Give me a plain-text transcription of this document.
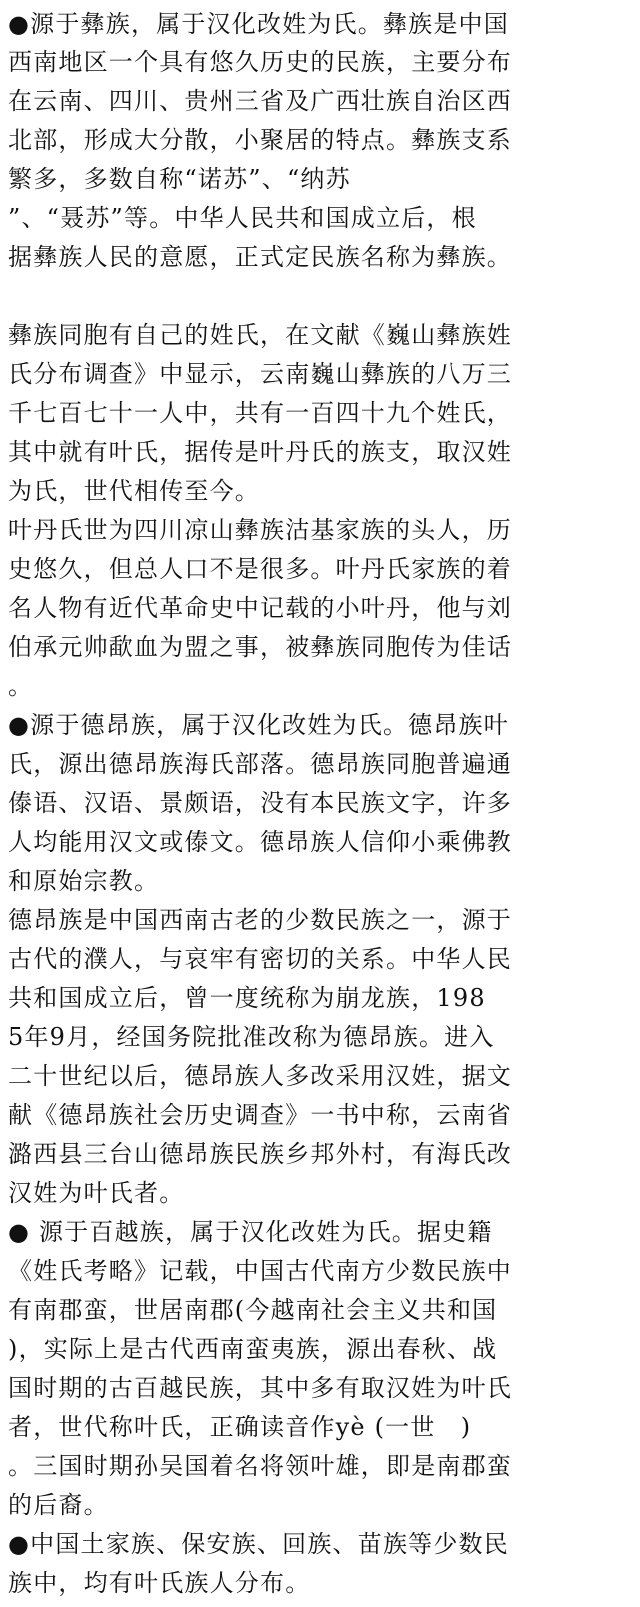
●源于彝族，属于汉化改姓为氏。彝族是中国
西南地区一个具有悠久历史的民族，主要分布
在云南、四川、贵州三省及广西壮族自治区西
北部，形成大分散，小聚居的特点。彝族支系
繁多，多数自称“诺苏”、“纳苏
”、“聂苏”等。中华人民共和国成立后，根
据彝族人民的意愿，正式定民族名称为彝族。
彝族同胞有自己的姓氏，在文献《巍山彝族姓
氏分布调查》中显示，云南巍山彝族的八万三
千七百七十一人中，共有一百四十九个姓氏，
其中就有叶氏，据传是叶丹氏的族支，取汉姓
为氏，世代相传至今。
叶丹氏世为四川凉山彝族沽基家族的头人，历
史悠久，但总人口不是很多。叶丹氏家族的着
名人物有近代革命史中记载的小叶丹，他与刘
伯承元帅歃血为盟之事，被彝族同胞传为佳话
。
●源于德昂族，属于汉化改姓为氏。德昂族叶
氏，源出德昂族海氏部落。德昂族同胞普遍通
傣语、汉语、景颇语，没有本民族文字，许多
人均能用汉文或傣文。德昂族人信仰小乘佛教
和原始宗教。
德昂族是中国西南古老的少数民族之一，源于
古代的濮人，与哀牢有密切的关系。中华人民
共和国成立后，曾一度统称为崩龙族，198
5年9月，经国务院批准改称为德昂族。进入
二十世纪以后，德昂族人多改采用汉姓，据文
献《德昂族社会历史调查》一书中称，云南省
潞西县三台山德昂族民族乡邦外村，有海氏改
汉姓为叶氏者。
● 源于百越族，属于汉化改姓为氏。据史籍
《姓氏考略》记载，中国古代南方少数民族中
有南郡蛮，世居南郡(今越南社会主义共和国
)，实际上是古代西南蛮夷族，源出春秋、战
国时期的古百越民族，其中多有取汉姓为叶氏
者，世代称叶氏，正确读音作yè (一世　)
。三国时期孙吴国着名将领叶雄，即是南郡蛮
的后裔。
●中国土家族、保安族、回族、苗族等少数民
族中，均有叶氏族人分布。
